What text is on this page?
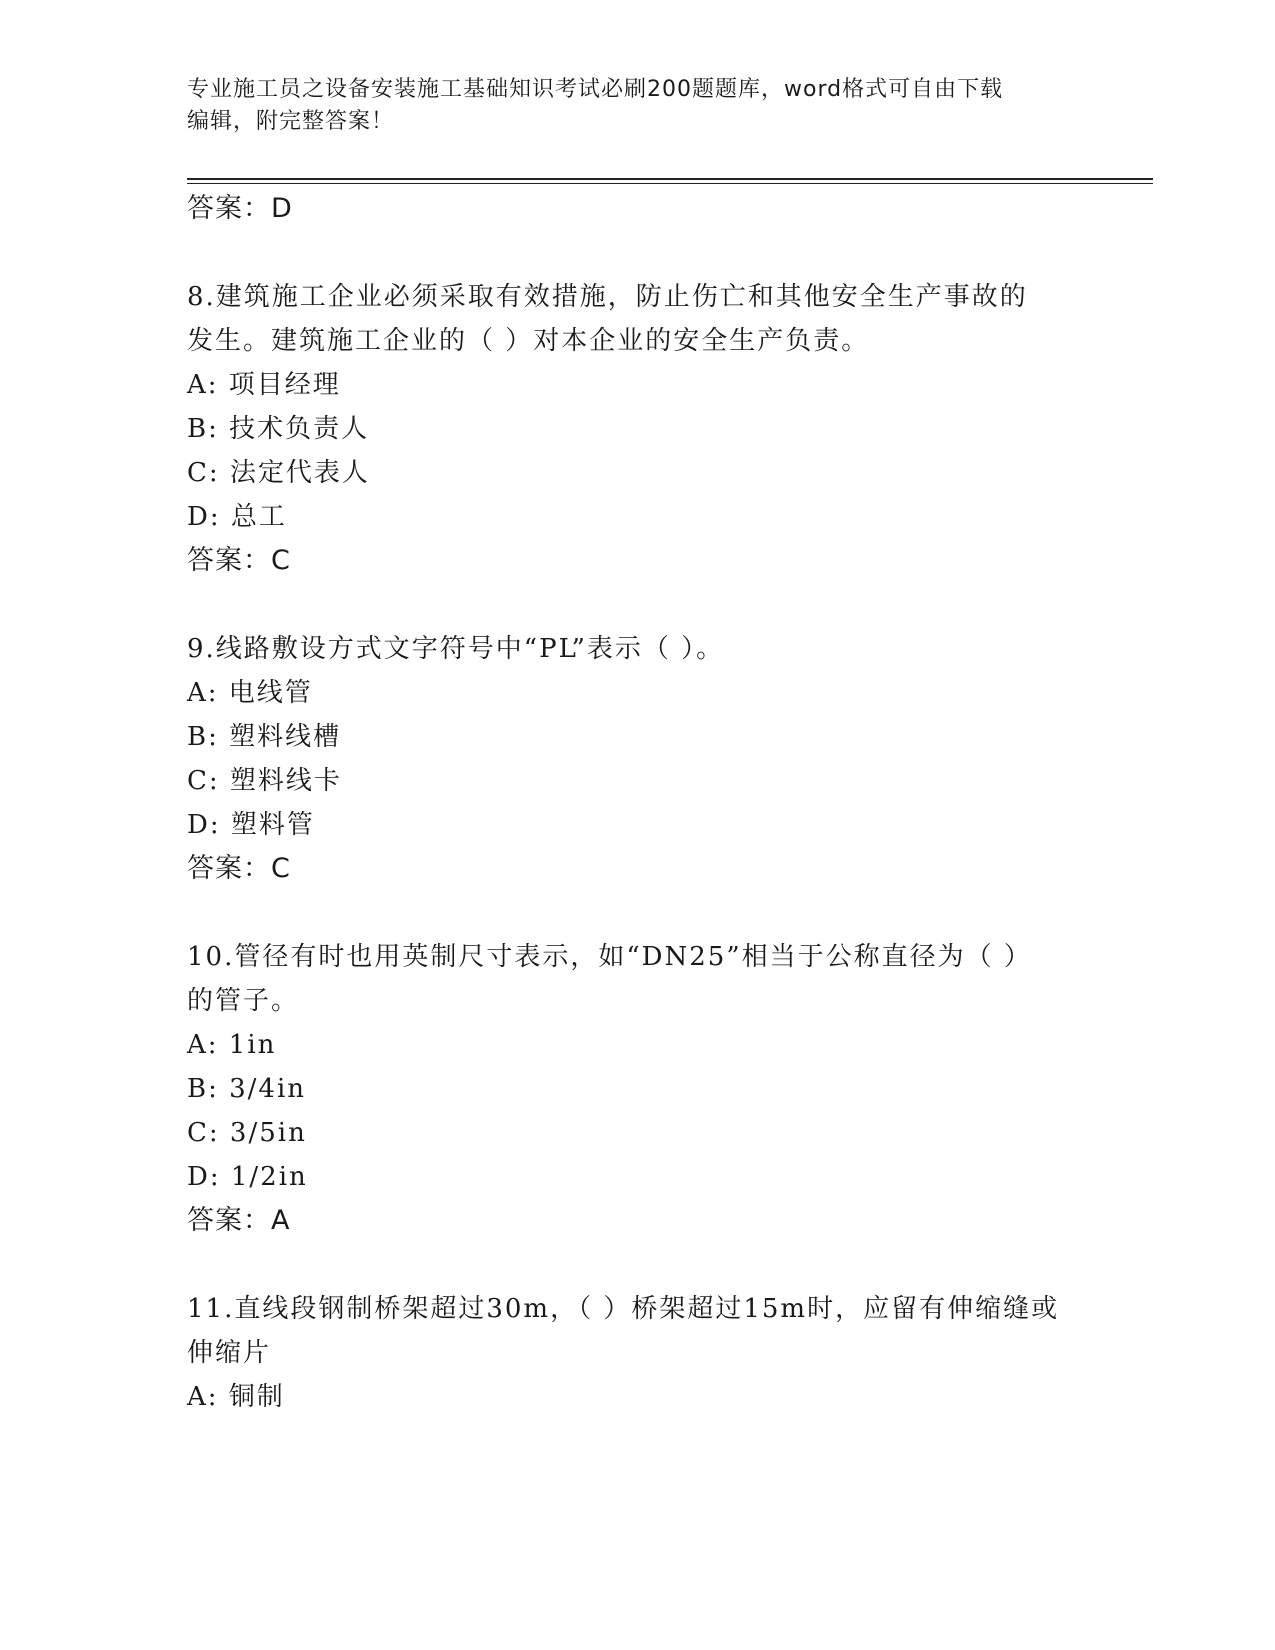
专业施工员之设备安装施工基础知识考试必刷200题题库，word格式可自由下载
编辑，附完整答案！
答案：D
8.建筑施工企业必须采取有效措施，防止伤亡和其他安全生产事故的
发生。建筑施工企业的（ ）对本企业的安全生产负责。
A: 项目经理
B: 技术负责人
C: 法定代表人
D: 总工
答案：C
9.线路敷设方式文字符号中“PL”表示（ ）。
A: 电线管
B: 塑料线槽
C: 塑料线卡
D: 塑料管
答案：C
10.管径有时也用英制尺寸表示，如“DN25”相当于公称直径为（ ）
的管子。
A: 1in
B: 3/4in
C: 3/5in
D: 1/2in
答案：A
11.直线段钢制桥架超过30m，（ ）桥架超过15m时，应留有伸缩缝或
伸缩片
A: 铜制
